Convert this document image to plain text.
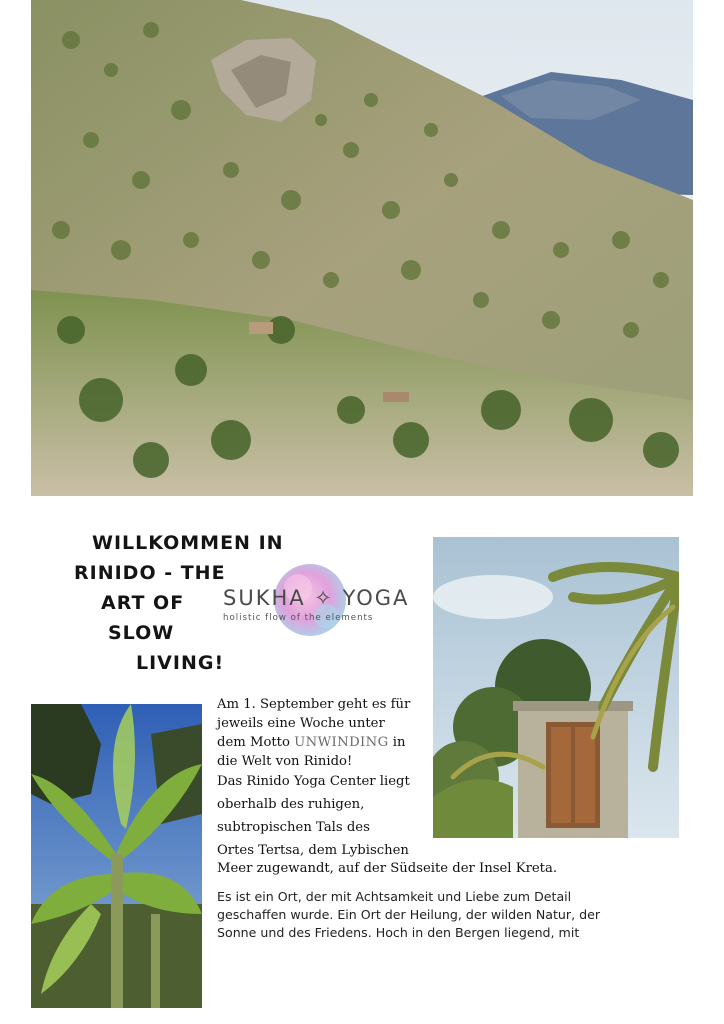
WILLKOMMEN IN
RINIDO - THE
ART OF
SLOW
LIVING!
SUKHA ✧ YOGA
holistic flow of the elements
Am 1. September geht es für
jeweils eine Woche unter
dem Motto UNWINDING in
die Welt von Rinido!
Das Rinido Yoga Center liegt
oberhalb des ruhigen,
subtropischen Tals des
Ortes Tertsa, dem Lybischen
Meer zugewandt, auf der Südseite der Insel Kreta.
Es ist ein Ort, der mit Achtsamkeit und Liebe zum Detail
geschaffen wurde. Ein Ort der Heilung, der wilden Natur, der
Sonne und des Friedens. Hoch in den Bergen liegend, mit
